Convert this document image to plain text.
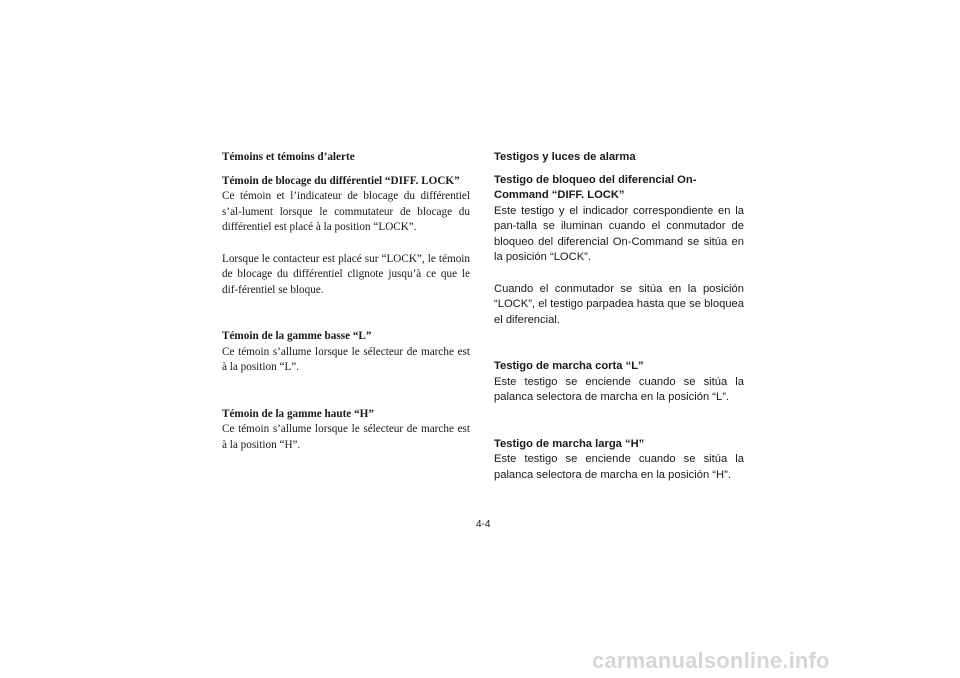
Témoins et témoins d’alerte

Témoin de blocage du différentiel “DIFF. LOCK”

Ce témoin et l’indicateur de blocage du différentiel s’al-lument lorsque le commutateur de blocage du différentiel est placé à la position “LOCK”.

Lorsque le contacteur est placé sur “LOCK”, le témoin de blocage du différentiel clignote jusqu’à ce que le dif-férentiel se bloque.

Témoin de la gamme basse “L”

Ce témoin s’allume lorsque le sélecteur de marche est à la position “L”.

Témoin de la gamme haute “H”

Ce témoin s’allume lorsque le sélecteur de marche est à la position “H”.

Testigos y luces de alarma

Testigo de bloqueo del diferencial On-Command “DIFF. LOCK”

Este testigo y el indicador correspondiente en la pan-talla se iluminan cuando el conmutador de bloqueo del diferencial On-Command se sitúa en la posición “LOCK”.

Cuando el conmutador se sitúa en la posición “LOCK”, el testigo parpadea hasta que se bloquea el diferencial.

Testigo de marcha corta “L”

Este testigo se enciende cuando se sitúa la palanca selectora de marcha en la posición “L”.

Testigo de marcha larga “H”

Este testigo se enciende cuando se sitúa la palanca selectora de marcha en la posición “H”.

4-4
carmanualsonline.info
